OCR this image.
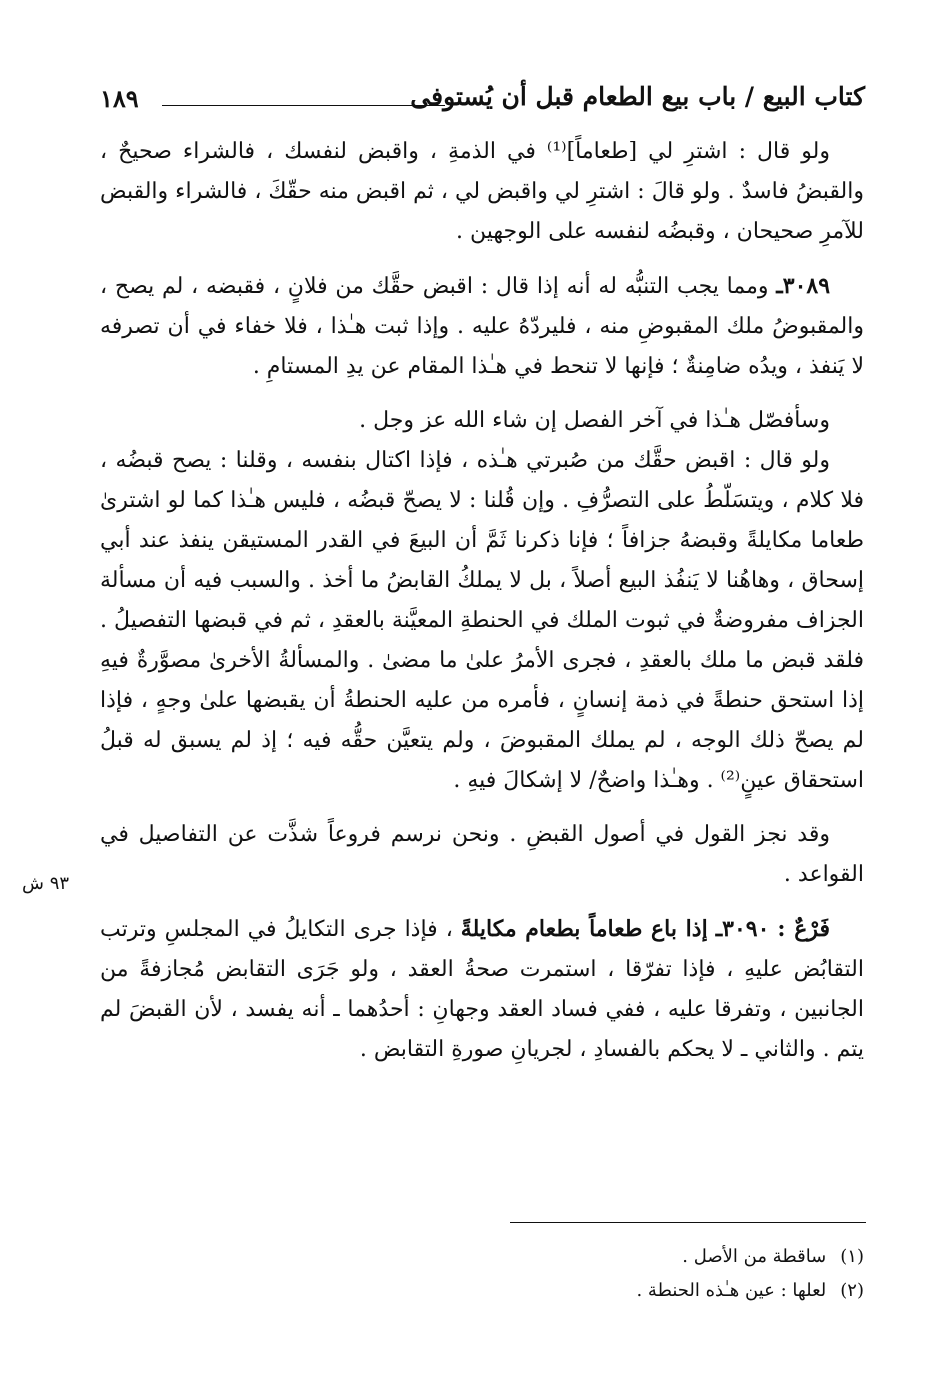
كتاب البيع / باب بيع الطعام قبل أن يُستوفى
١٨٩

ولو قال : اشترِ لي [طعاماً]⁽¹⁾ في الذمةِ ، واقبض لنفسك ، فالشراء صحيحٌ ، والقبضُ فاسدٌ . ولو قالَ : اشترِ لي واقبض لي ، ثم اقبض منه حقّكَ ، فالشراء والقبض للآمرِ صحيحان ، وقبضُه لنفسه على الوجهين .

٣٠٨٩ـ ومما يجب التنبُّه له أنه إذا قال : اقبض حقَّك من فلانٍ ، فقبضه ، لم يصح ، والمقبوضُ ملك المقبوضِ منه ، فليردّهُ عليه . وإذا ثبت هـٰذا ، فلا خفاء في أن تصرفه لا يَنفذ ، ويدُه ضامِنةٌ ؛ فإنها لا تنحط في هـٰذا المقام عن يدِ المستامِ .

وسأفصّل هـٰذا في آخر الفصل إن شاء الله عز وجل .

ولو قال : اقبض حقَّك من صُبرتي هـٰذه ، فإذا اكتال بنفسه ، وقلنا : يصح قبضُه ، فلا كلام ، ويتسَلّطُ على التصرُّفِ . وإن قُلنا : لا يصحّ قبضُه ، فليس هـٰذا كما لو اشترىٰ طعاما مكايلةً وقبضهُ جزافاً ؛ فإنا ذكرنا ثَمَّ أن البيعَ في القدر المستيقن ينفذ عند أبي إسحاق ، وهاهُنا لا يَنفُذ البيع أصلاً ، بل لا يملكُ القابضُ ما أخذ . والسبب فيه أن مسألة الجزاف مفروضةٌ في ثبوت الملك في الحنطةِ المعيَّنة بالعقدِ ، ثم في قبضها التفصيلُ . فلقد قبض ما ملك بالعقدِ ، فجرى الأمرُ علىٰ ما مضىٰ . والمسألةُ الأخرىٰ مصوَّرةٌ فيهِ إذا استحق حنطةً في ذمة إنسانٍ ، فأمره من عليه الحنطةُ أن يقبضها علىٰ وجهٍ ، فإذا لم يصحّ ذلك الوجه ، لم يملك المقبوضَ ، ولم يتعيَّن حقُّه فيه ؛ إذ لم يسبق له قبلُ استحقاق عينٍ⁽²⁾ . وهـٰذا واضحٌ/ لا إشكالَ فيهِ .

وقد نجز القول في أصول القبضِ . ونحن نرسم فروعاً شذَّت عن التفاصيل في القواعد .

فَرْعٌ : ٣٠٩٠ـ إذا باع طعاماً بطعام مكايلةً ، فإذا جرى التكايلُ في المجلسِ وترتب التقابُض عليهِ ، فإذا تفرّقا ، استمرت صحةُ العقد ، ولو جَرَى التقابض مُجازفةً من الجانبين ، وتفرقا عليه ، ففي فساد العقد وجهانِ : أحدُهما ـ أنه يفسد ، لأن القبضَ لم يتم . والثاني ـ لا يحكم بالفسادِ ، لجريانِ صورةِ التقابض .

٩٣ ش
(١)ساقطة من الأصل .
(٢)لعلها : عين هـٰذه الحنطة .
